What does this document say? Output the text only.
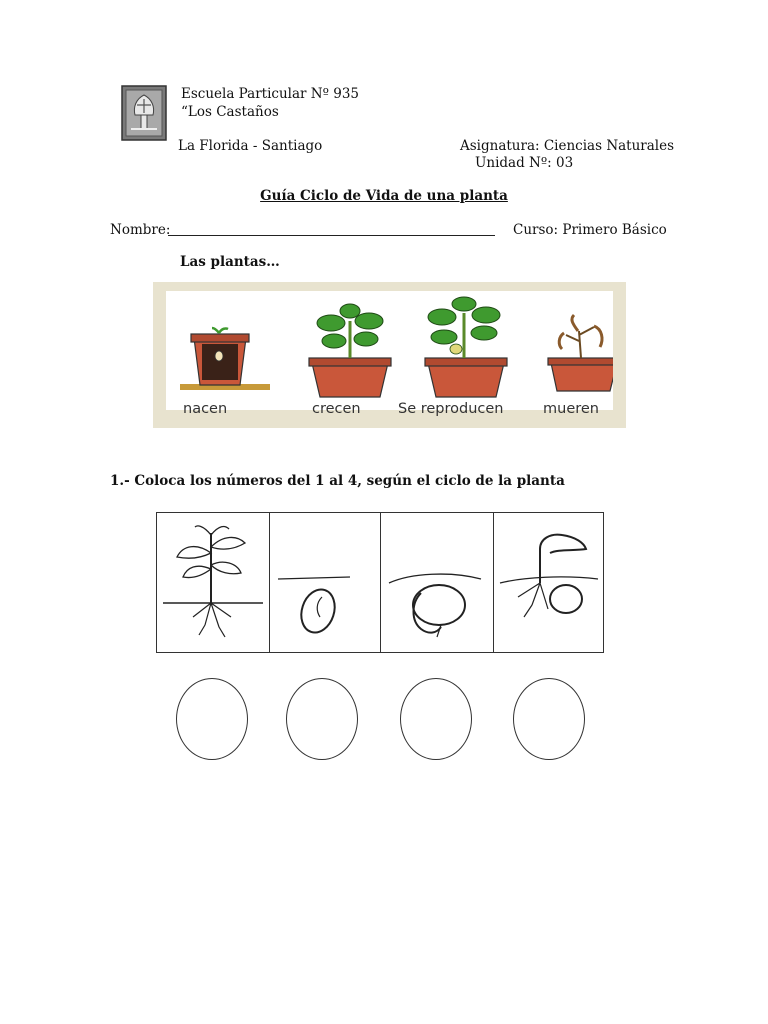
Escuela Particular Nº 935
“Los Castaños
La Florida - Santiago	Asignatura: Ciencias Naturales
Unidad Nº: 03
Guía Ciclo de Vida de una planta
Nombre:	Curso: Primero Básico
Las plantas…
nacen	crecen	Se reproducen	mueren
1.- Coloca los números del 1 al 4, según el ciclo de la planta
